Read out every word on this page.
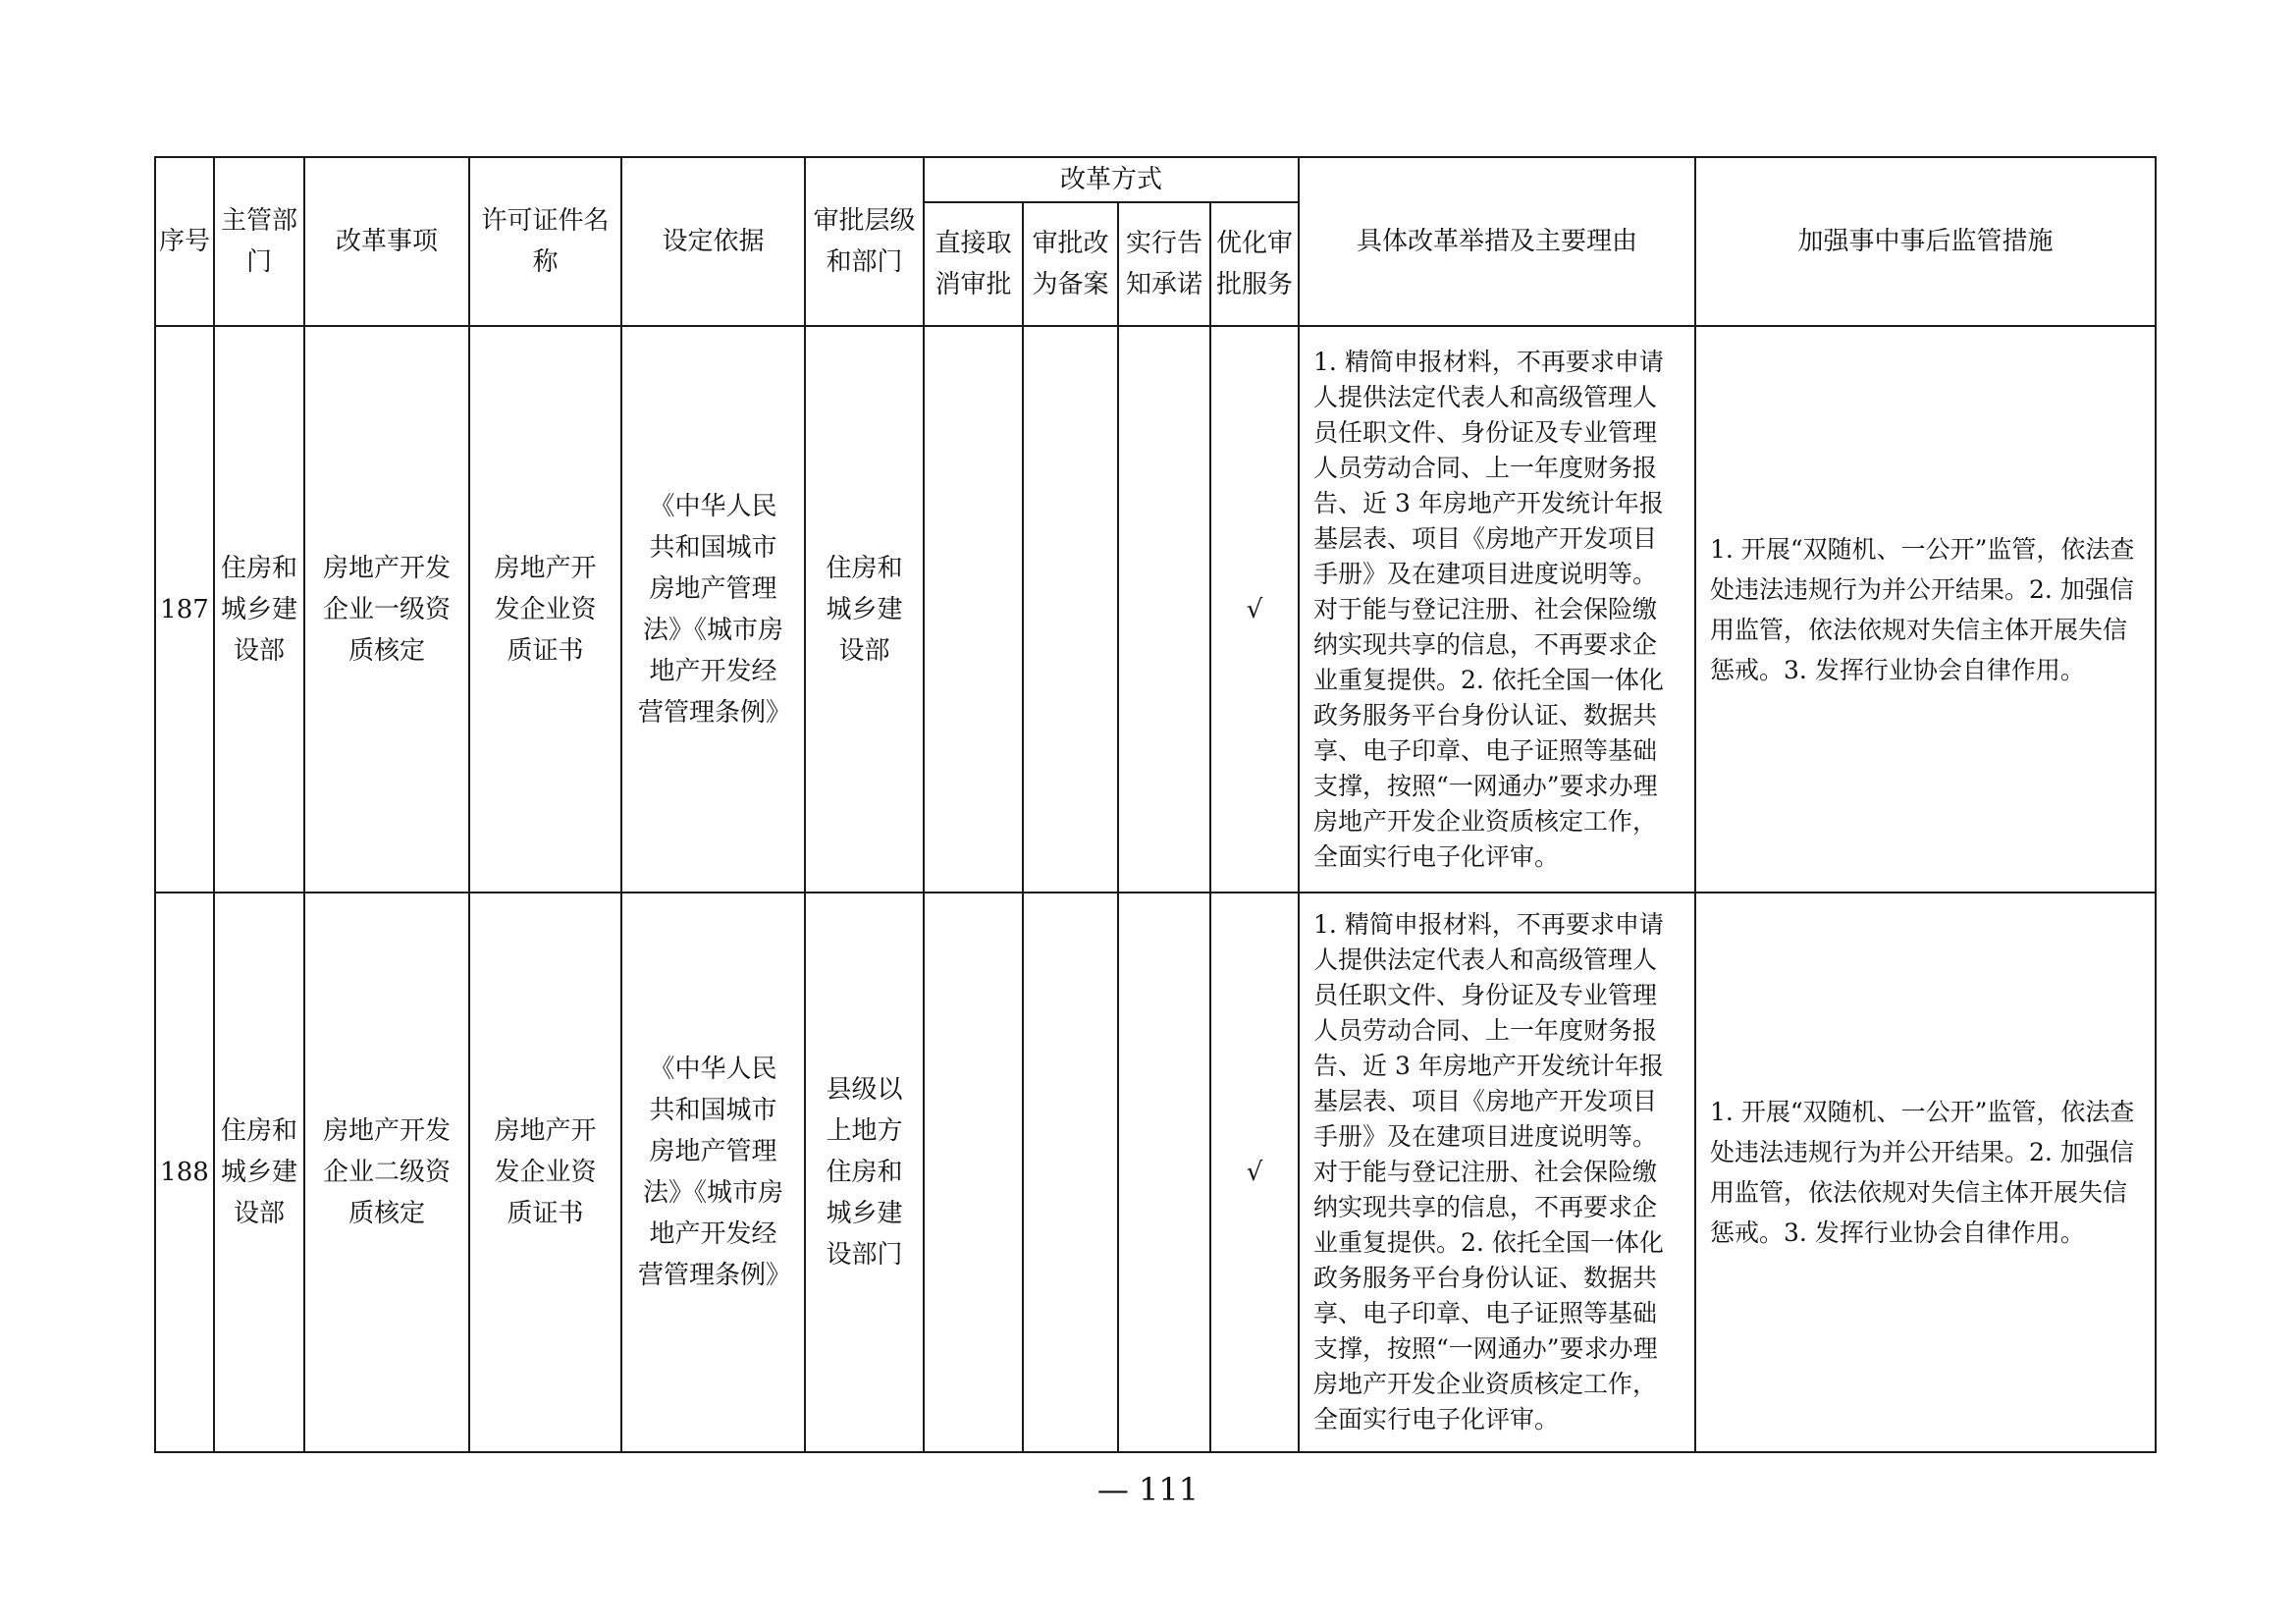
序号	主管部门	改革事项	许可证件名称	设定依据	审批层级和部门	改革方式				具体改革举措及主要理由	加强事中事后监管措施
						直接取消审批	审批改为备案	实行告知承诺	优化审批服务		
187	住房和城乡建设部	房地产开发企业一级资质核定	房地产开发企业资质证书	《中华人民共和国城市房地产管理法》《城市房地产开发经营管理条例》	住房和城乡建设部				√	1. 精简申报材料，不再要求申请人提供法定代表人和高级管理人员任职文件、身份证及专业管理人员劳动合同、上一年度财务报告、近 3 年房地产开发统计年报基层表、项目《房地产开发项目手册》及在建项目进度说明等。对于能与登记注册、社会保险缴纳实现共享的信息，不再要求企业重复提供。2. 依托全国一体化政务服务平台身份认证、数据共享、电子印章、电子证照等基础支撑，按照“一网通办”要求办理房地产开发企业资质核定工作，全面实行电子化评审。	1. 开展“双随机、一公开”监管，依法查处违法违规行为并公开结果。2. 加强信用监管，依法依规对失信主体开展失信惩戒。3. 发挥行业协会自律作用。
188	住房和城乡建设部	房地产开发企业二级资质核定	房地产开发企业资质证书	《中华人民共和国城市房地产管理法》《城市房地产开发经营管理条例》	县级以上地方住房和城乡建设部门				√	1. 精简申报材料，不再要求申请人提供法定代表人和高级管理人员任职文件、身份证及专业管理人员劳动合同、上一年度财务报告、近 3 年房地产开发统计年报基层表、项目《房地产开发项目手册》及在建项目进度说明等。对于能与登记注册、社会保险缴纳实现共享的信息，不再要求企业重复提供。2. 依托全国一体化政务服务平台身份认证、数据共享、电子印章、电子证照等基础支撑，按照“一网通办”要求办理房地产开发企业资质核定工作，全面实行电子化评审。	1. 开展“双随机、一公开”监管，依法查处违法违规行为并公开结果。2. 加强信用监管，依法依规对失信主体开展失信惩戒。3. 发挥行业协会自律作用。
— 111
